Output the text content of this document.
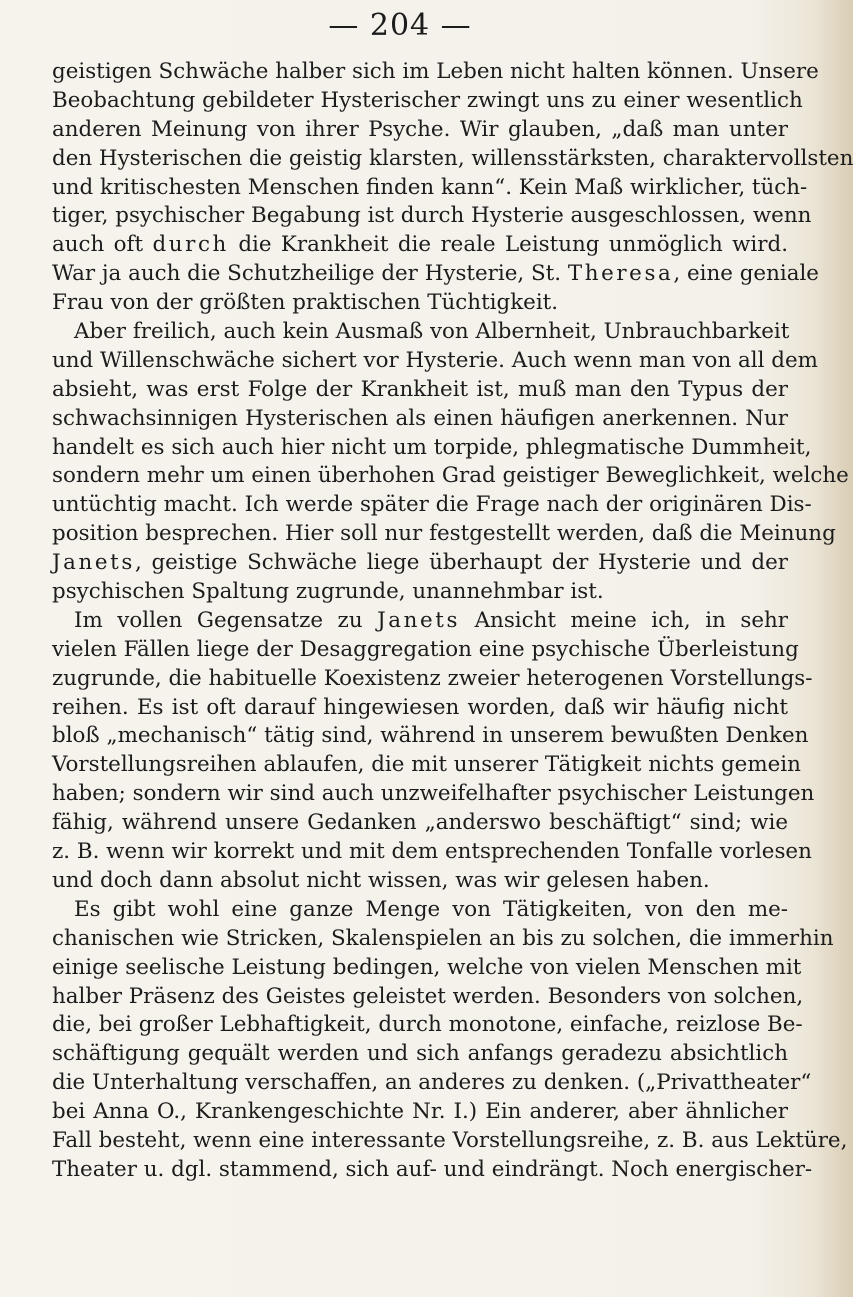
— 204 —
geistigen Schwäche halber sich im Leben nicht halten können. Unsere
Beobachtung gebildeter Hysterischer zwingt uns zu einer wesentlich
anderen Meinung von ihrer Psyche. Wir glauben, „daß man unter
den Hysterischen die geistig klarsten, willensstärksten, charaktervollsten
und kritischesten Menschen finden kann“. Kein Maß wirklicher, tüch-
tiger, psychischer Begabung ist durch Hysterie ausgeschlossen, wenn
auch oft durch die Krankheit die reale Leistung unmöglich wird.
War ja auch die Schutzheilige der Hysterie, St. Theresa, eine geniale
Frau von der größten praktischen Tüchtigkeit.
Aber freilich, auch kein Ausmaß von Albernheit, Unbrauchbarkeit
und Willenschwäche sichert vor Hysterie. Auch wenn man von all dem
absieht, was erst Folge der Krankheit ist, muß man den Typus der
schwachsinnigen Hysterischen als einen häufigen anerkennen. Nur
handelt es sich auch hier nicht um torpide, phlegmatische Dummheit,
sondern mehr um einen überhohen Grad geistiger Beweglichkeit, welche
untüchtig macht. Ich werde später die Frage nach der originären Dis-
position besprechen. Hier soll nur festgestellt werden, daß die Meinung
Janets, geistige Schwäche liege überhaupt der Hysterie und der
psychischen Spaltung zugrunde, unannehmbar ist.
Im vollen Gegensatze zu Janets Ansicht meine ich, in sehr
vielen Fällen liege der Desaggregation eine psychische Überleistung
zugrunde, die habituelle Koexistenz zweier heterogenen Vorstellungs-
reihen. Es ist oft darauf hingewiesen worden, daß wir häufig nicht
bloß „mechanisch“ tätig sind, während in unserem bewußten Denken
Vorstellungsreihen ablaufen, die mit unserer Tätigkeit nichts gemein
haben; sondern wir sind auch unzweifelhafter psychischer Leistungen
fähig, während unsere Gedanken „anderswo beschäftigt“ sind; wie
z. B. wenn wir korrekt und mit dem entsprechenden Tonfalle vorlesen
und doch dann absolut nicht wissen, was wir gelesen haben.
Es gibt wohl eine ganze Menge von Tätigkeiten, von den me-
chanischen wie Stricken, Skalenspielen an bis zu solchen, die immerhin
einige seelische Leistung bedingen, welche von vielen Menschen mit
halber Präsenz des Geistes geleistet werden. Besonders von solchen,
die, bei großer Lebhaftigkeit, durch monotone, einfache, reizlose Be-
schäftigung gequält werden und sich anfangs geradezu absichtlich
die Unterhaltung verschaffen, an anderes zu denken. („Privattheater“
bei Anna O., Krankengeschichte Nr. I.) Ein anderer, aber ähnlicher
Fall besteht, wenn eine interessante Vorstellungsreihe, z. B. aus Lektüre,
Theater u. dgl. stammend, sich auf- und eindrängt. Noch energischer-
